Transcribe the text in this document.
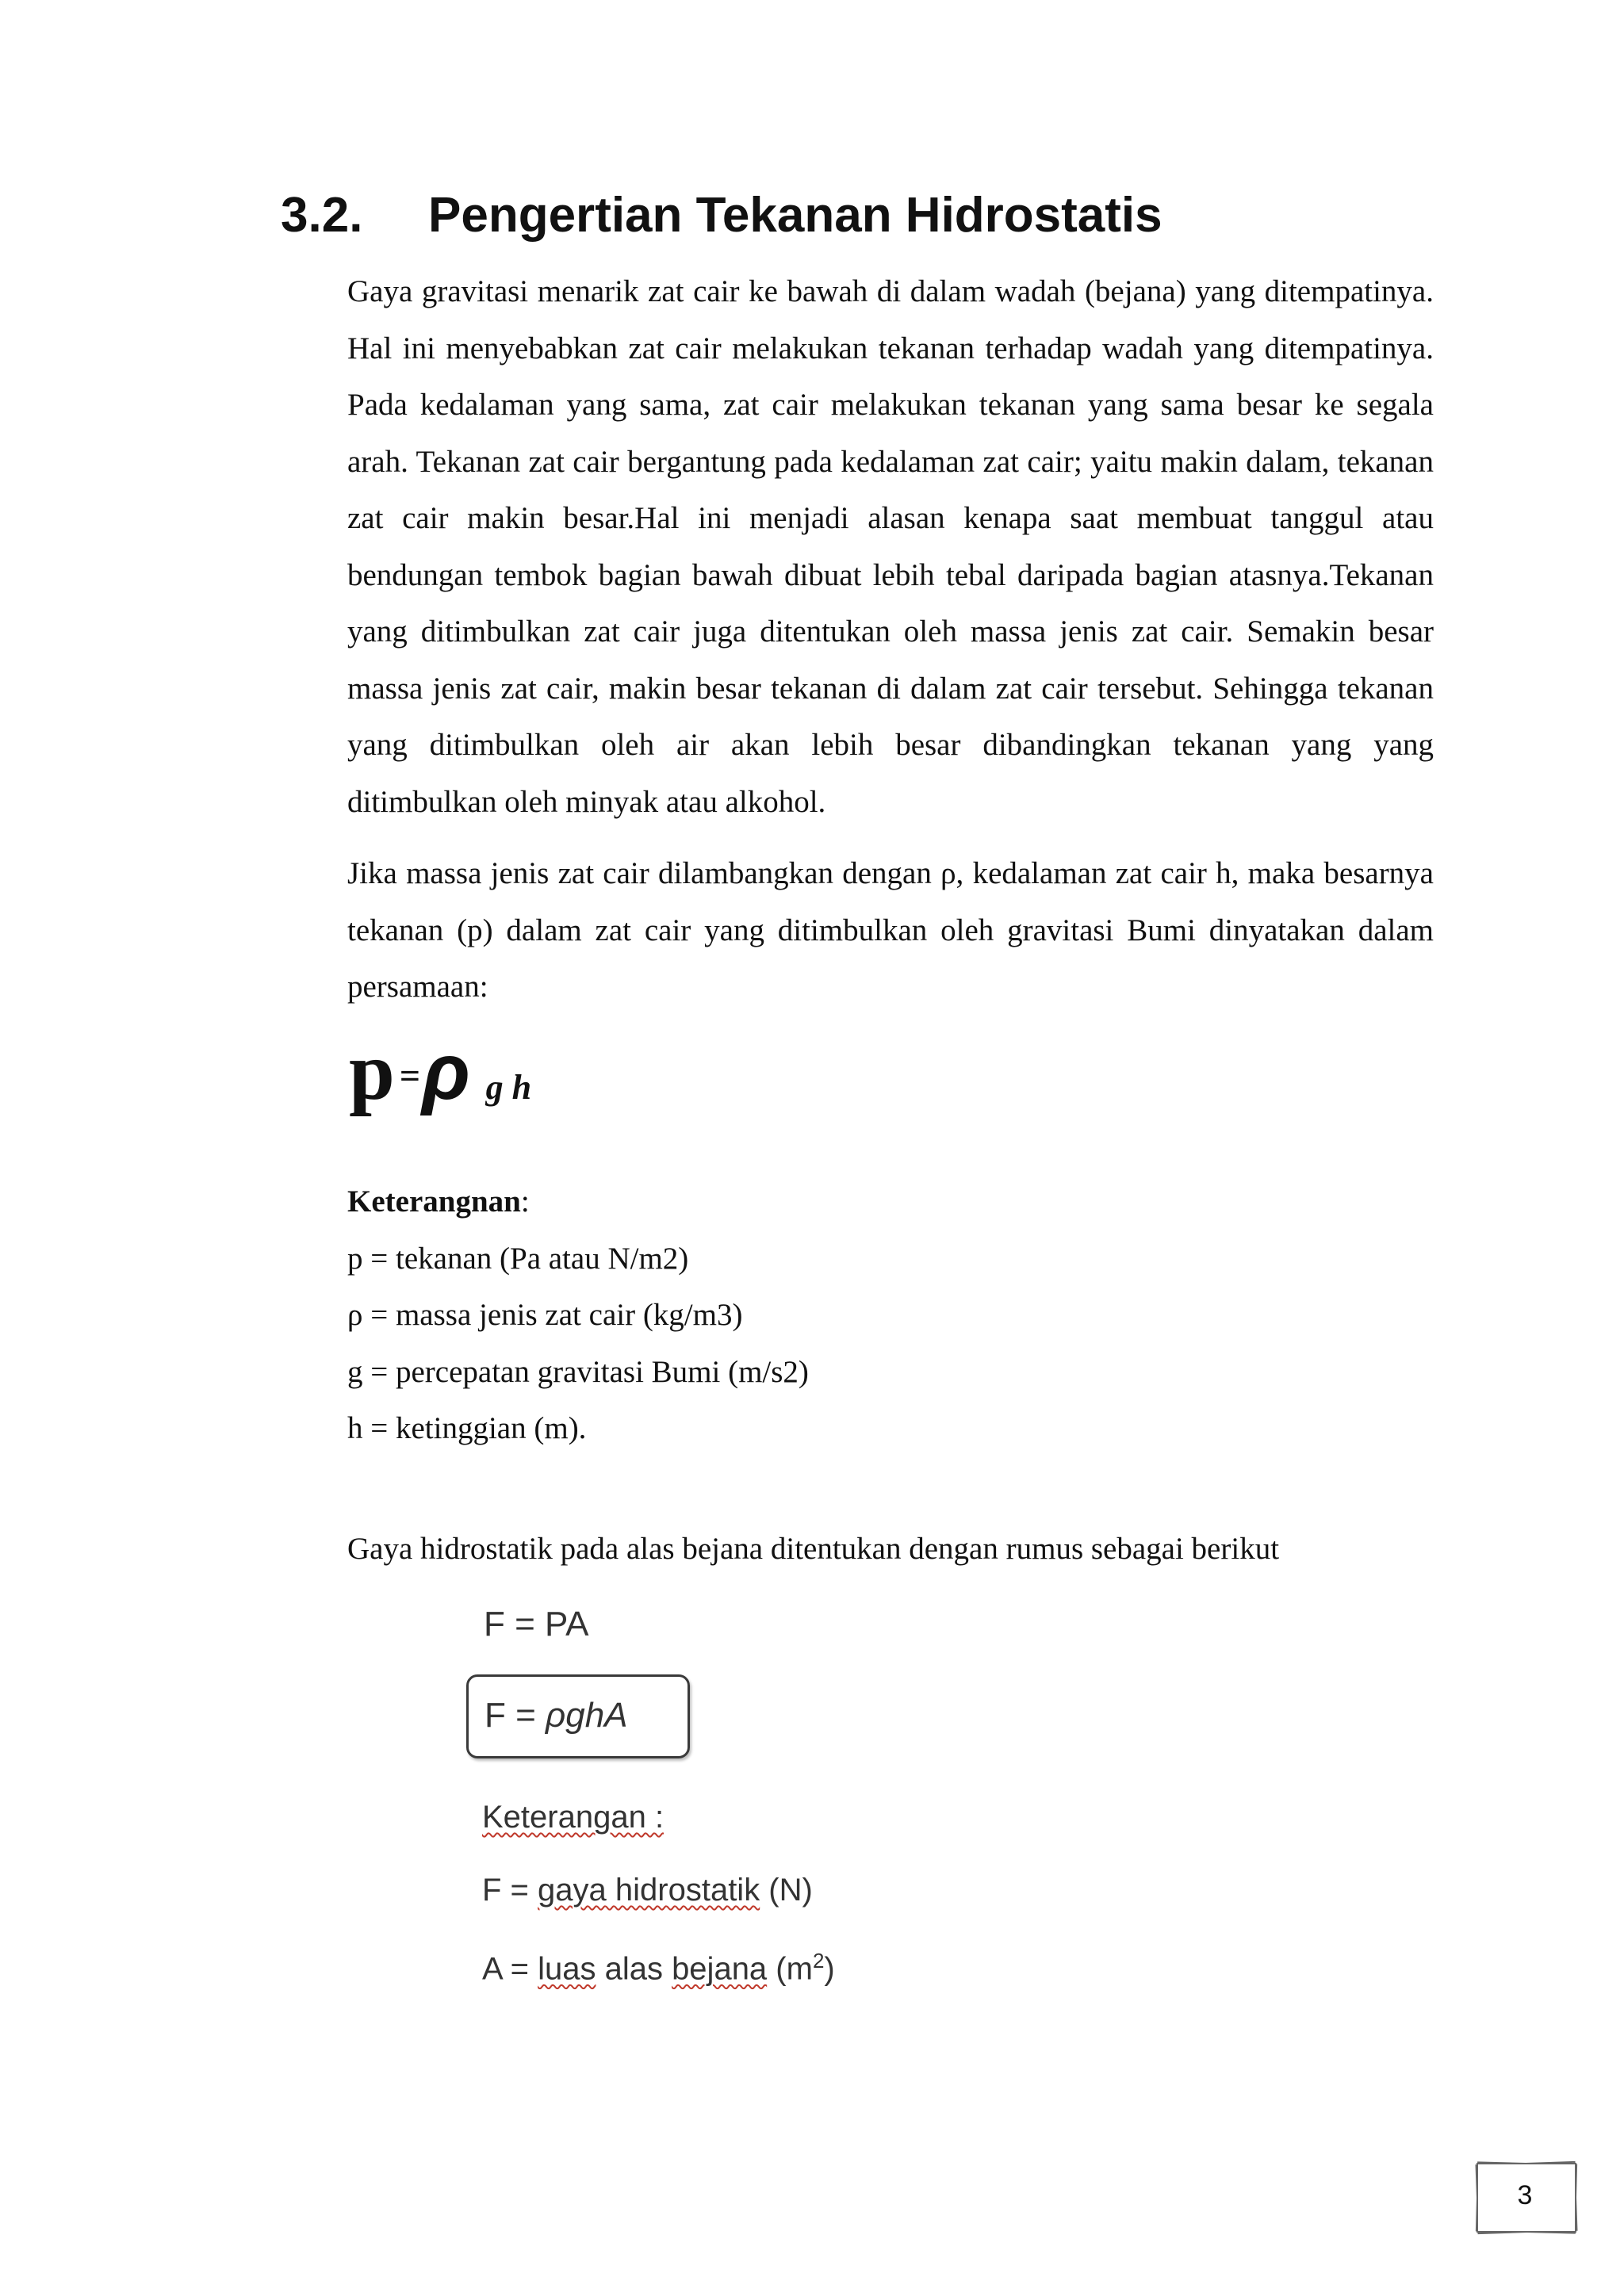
3.2. Pengertian Tekanan Hidrostatis

Gaya gravitasi menarik zat cair ke bawah di dalam wadah (bejana) yang ditempatinya. Hal ini menyebabkan zat cair melakukan tekanan terhadap wadah yang ditempatinya. Pada kedalaman yang sama, zat cair melakukan tekanan yang sama besar ke segala arah. Tekanan zat cair bergantung pada kedalaman zat cair; yaitu makin dalam, tekanan zat cair makin besar.Hal ini menjadi alasan kenapa saat membuat tanggul atau bendungan tembok bagian bawah dibuat lebih tebal daripada bagian atasnya.Tekanan yang ditimbulkan zat cair juga ditentukan oleh massa jenis zat cair. Semakin besar massa jenis zat cair, makin besar tekanan di dalam zat cair tersebut. Sehingga tekanan yang ditimbulkan oleh air akan lebih besar dibandingkan tekanan yang yang ditimbulkan oleh minyak atau alkohol.

Jika massa jenis zat cair dilambangkan dengan ρ, kedalaman zat cair h, maka besarnya tekanan (p) dalam zat cair yang ditimbulkan oleh gravitasi Bumi dinyatakan dalam persamaan:

p =ρ g h
Keterangnan:
p = tekanan (Pa atau N/m2)
ρ = massa jenis zat cair (kg/m3)
g = percepatan gravitasi Bumi (m/s2)
h = ketinggian (m).
Gaya hidrostatik pada alas bejana ditentukan dengan rumus sebagai berikut
F = PA
F = ρghA
Keterangan :
F = gaya hidrostatik (N)
A = luas alas bejana $(m^2)$
3
